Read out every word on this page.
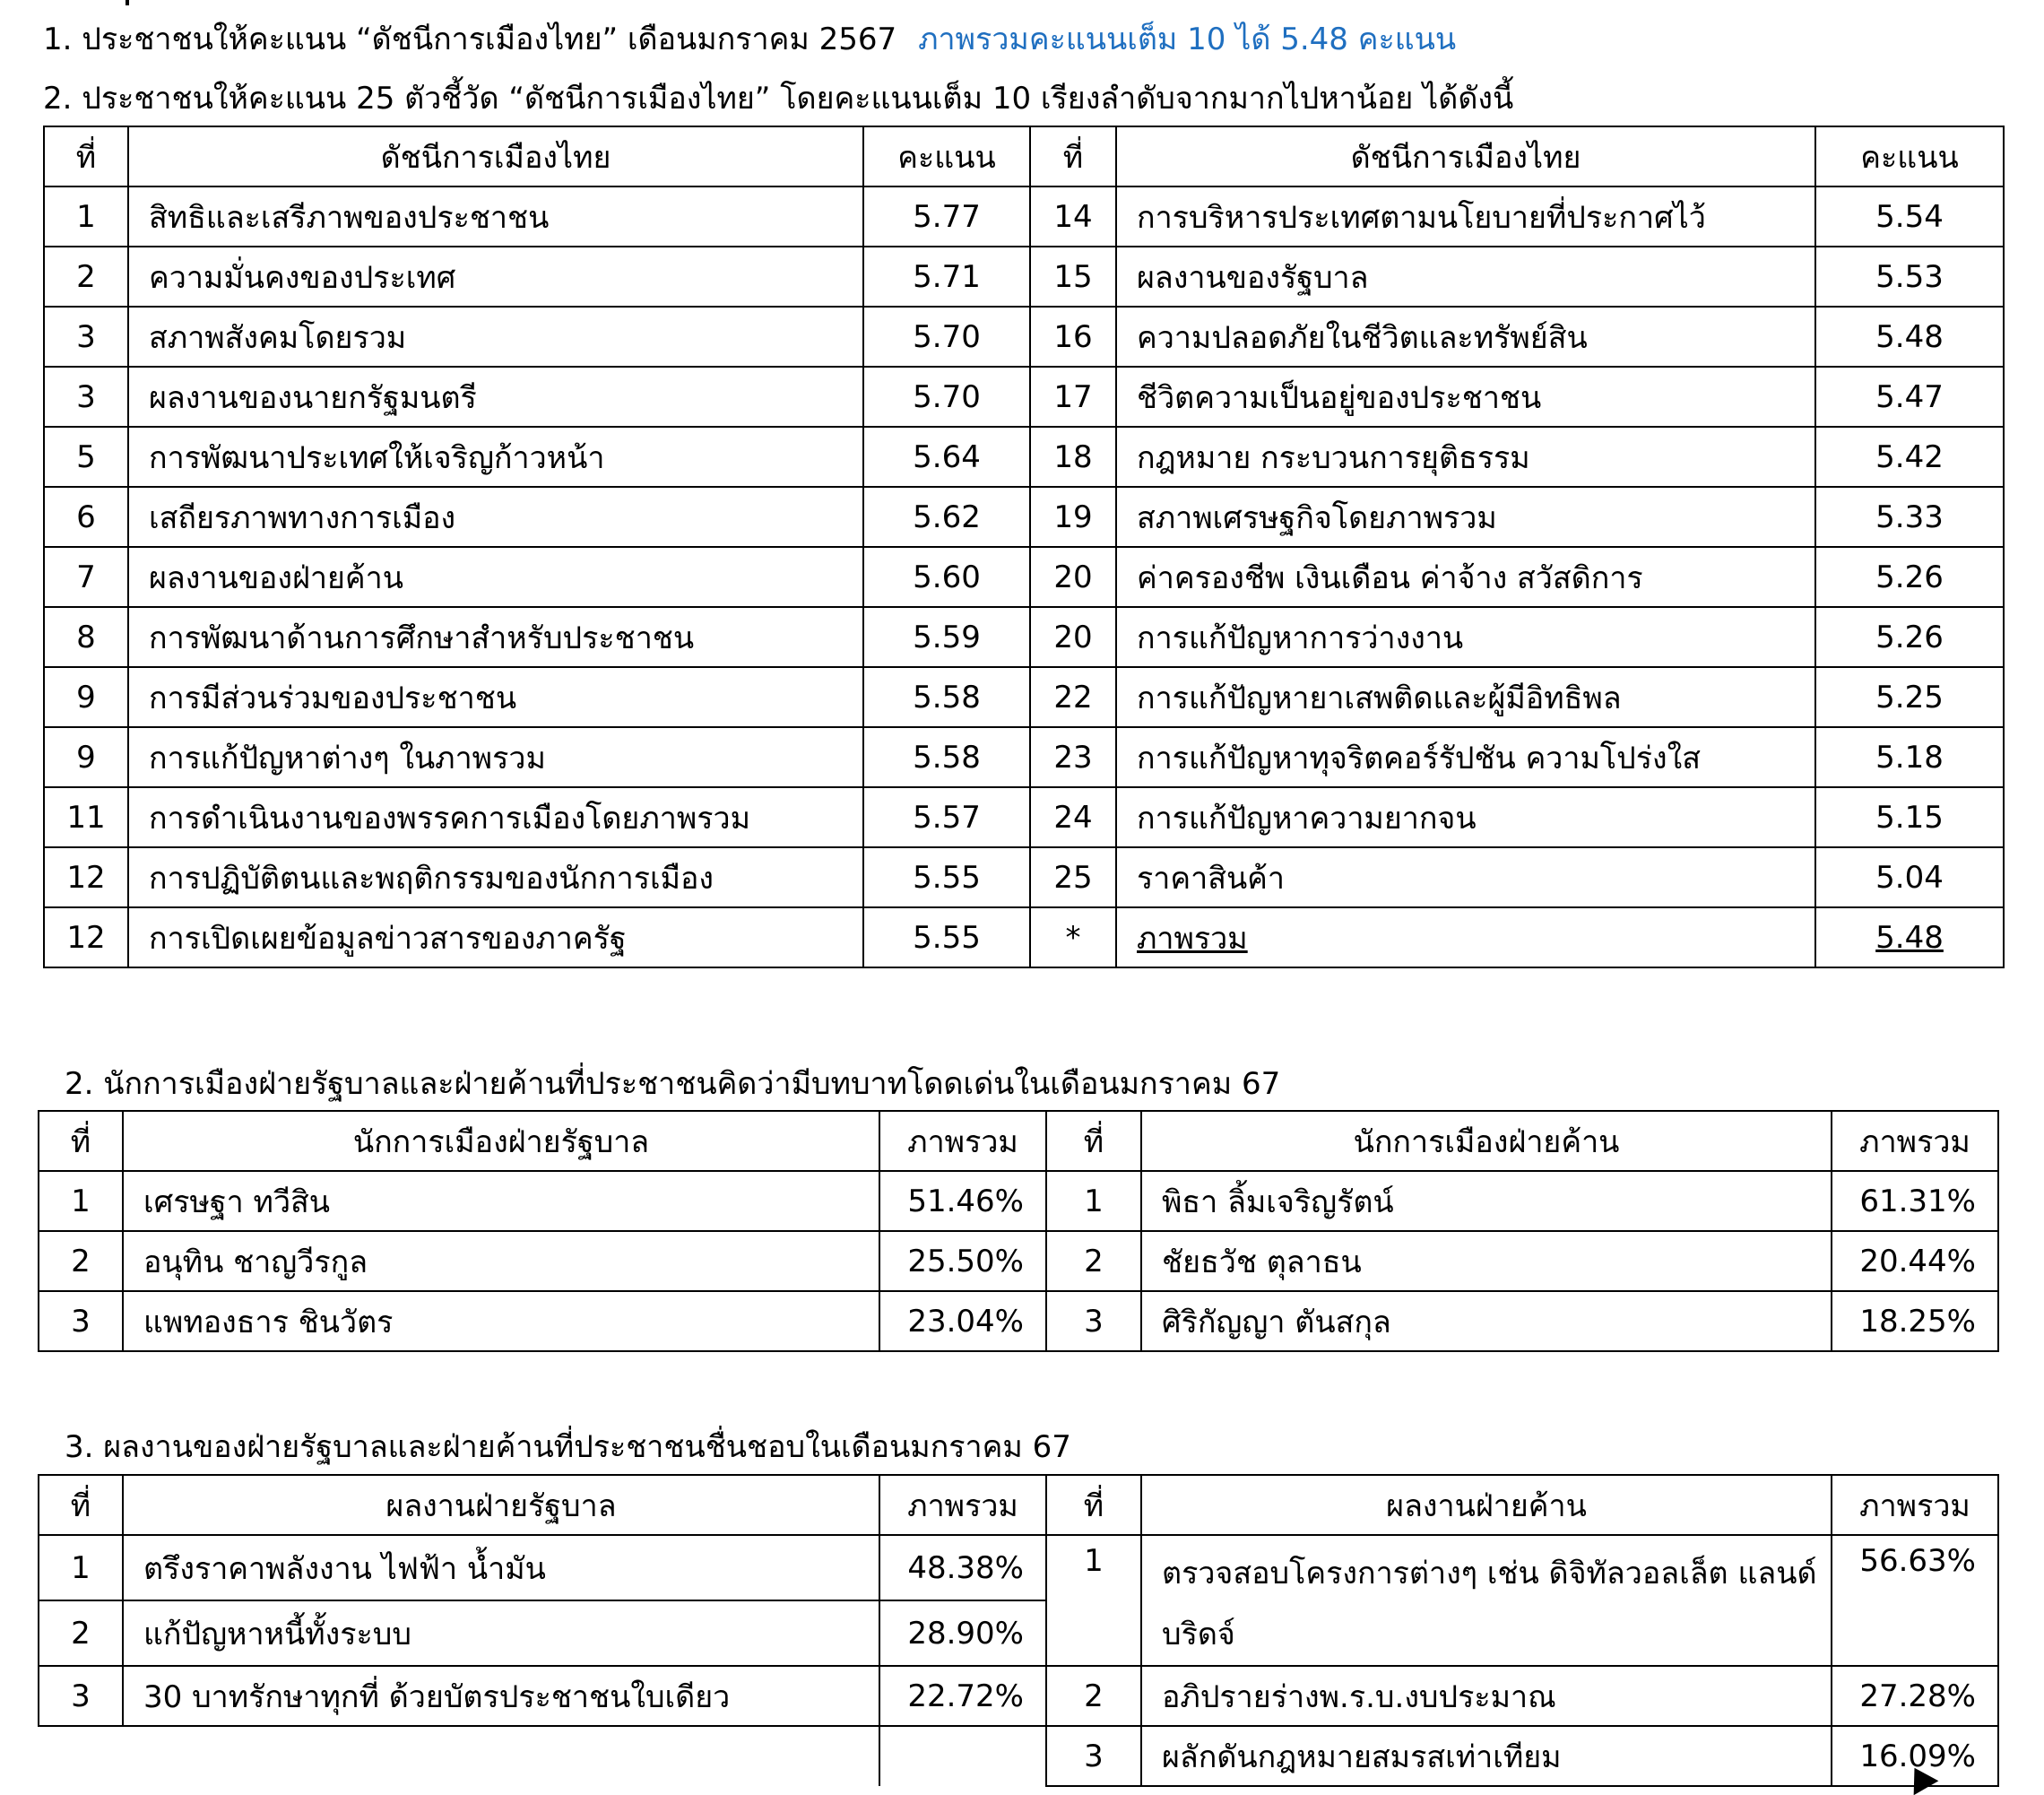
1. ประชาชนให้คะแนน “ดัชนีการเมืองไทย” เดือนมกราคม 2567 ภาพรวมคะแนนเต็ม 10 ได้ 5.48 คะแนน
2. ประชาชนให้คะแนน 25 ตัวชี้วัด “ดัชนีการเมืองไทย” โดยคะแนนเต็ม 10 เรียงลำดับจากมากไปหาน้อย ได้ดังนี้
ที่	ดัชนีการเมืองไทย	คะแนน	ที่	ดัชนีการเมืองไทย	คะแนน
1	สิทธิและเสรีภาพของประชาชน	5.77	14	การบริหารประเทศตามนโยบายที่ประกาศไว้	5.54
2	ความมั่นคงของประเทศ	5.71	15	ผลงานของรัฐบาล	5.53
3	สภาพสังคมโดยรวม	5.70	16	ความปลอดภัยในชีวิตและทรัพย์สิน	5.48
3	ผลงานของนายกรัฐมนตรี	5.70	17	ชีวิตความเป็นอยู่ของประชาชน	5.47
5	การพัฒนาประเทศให้เจริญก้าวหน้า	5.64	18	กฎหมาย กระบวนการยุติธรรม	5.42
6	เสถียรภาพทางการเมือง	5.62	19	สภาพเศรษฐกิจโดยภาพรวม	5.33
7	ผลงานของฝ่ายค้าน	5.60	20	ค่าครองชีพ เงินเดือน ค่าจ้าง สวัสดิการ	5.26
8	การพัฒนาด้านการศึกษาสำหรับประชาชน	5.59	20	การแก้ปัญหาการว่างงาน	5.26
9	การมีส่วนร่วมของประชาชน	5.58	22	การแก้ปัญหายาเสพติดและผู้มีอิทธิพล	5.25
9	การแก้ปัญหาต่างๆ ในภาพรวม	5.58	23	การแก้ปัญหาทุจริตคอร์รัปชัน ความโปร่งใส	5.18
11	การดำเนินงานของพรรคการเมืองโดยภาพรวม	5.57	24	การแก้ปัญหาความยากจน	5.15
12	การปฏิบัติตนและพฤติกรรมของนักการเมือง	5.55	25	ราคาสินค้า	5.04
12	การเปิดเผยข้อมูลข่าวสารของภาครัฐ	5.55	*	ภาพรวม	5.48
2. นักการเมืองฝ่ายรัฐบาลและฝ่ายค้านที่ประชาชนคิดว่ามีบทบาทโดดเด่นในเดือนมกราคม 67
ที่	นักการเมืองฝ่ายรัฐบาล	ภาพรวม	ที่	นักการเมืองฝ่ายค้าน	ภาพรวม
1	เศรษฐา ทวีสิน	51.46%	1	พิธา ลิ้มเจริญรัตน์	61.31%
2	อนุทิน ชาญวีรกูล	25.50%	2	ชัยธวัช ตุลาธน	20.44%
3	แพทองธาร ชินวัตร	23.04%	3	ศิริกัญญา ตันสกุล	18.25%
3. ผลงานของฝ่ายรัฐบาลและฝ่ายค้านที่ประชาชนชื่นชอบในเดือนมกราคม 67
ที่	ผลงานฝ่ายรัฐบาล	ภาพรวม	ที่	ผลงานฝ่ายค้าน	ภาพรวม
1	ตรึงราคาพลังงาน ไฟฟ้า น้ำมัน	48.38%	1	ตรวจสอบโครงการต่างๆ เช่น ดิจิทัลวอลเล็ต แลนด์บริดจ์	56.63%
2	แก้ปัญหาหนี้ทั้งระบบ	28.90%			
3	30 บาทรักษาทุกที่ ด้วยบัตรประชาชนใบเดียว	22.72%	2	อภิปรายร่างพ.ร.บ.งบประมาณ	27.28%
			3	ผลักดันกฎหมายสมรสเท่าเทียม	16.09%
